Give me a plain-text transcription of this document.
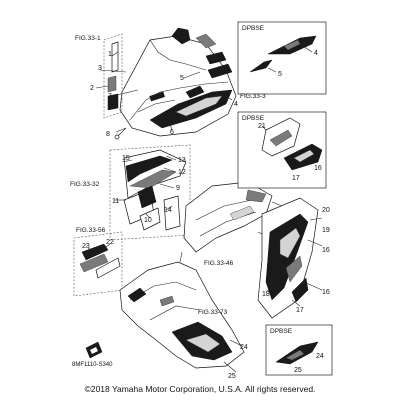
FIG.33-1
FIG.33-3
FIG.33-32
FIG.33-56
FIG.33-46
FIG.33-73
DPBSE
DPBSE
DPBSE
1
3
2
7
8	6
4
5
15	13
12
9
11
10
14
22
23
20
19
16
18	16
17
24
25
4
5
21
16
17
24
25
8MF1110-S340
©2018 Yamaha Motor Corporation, U.S.A. All rights reserved.
